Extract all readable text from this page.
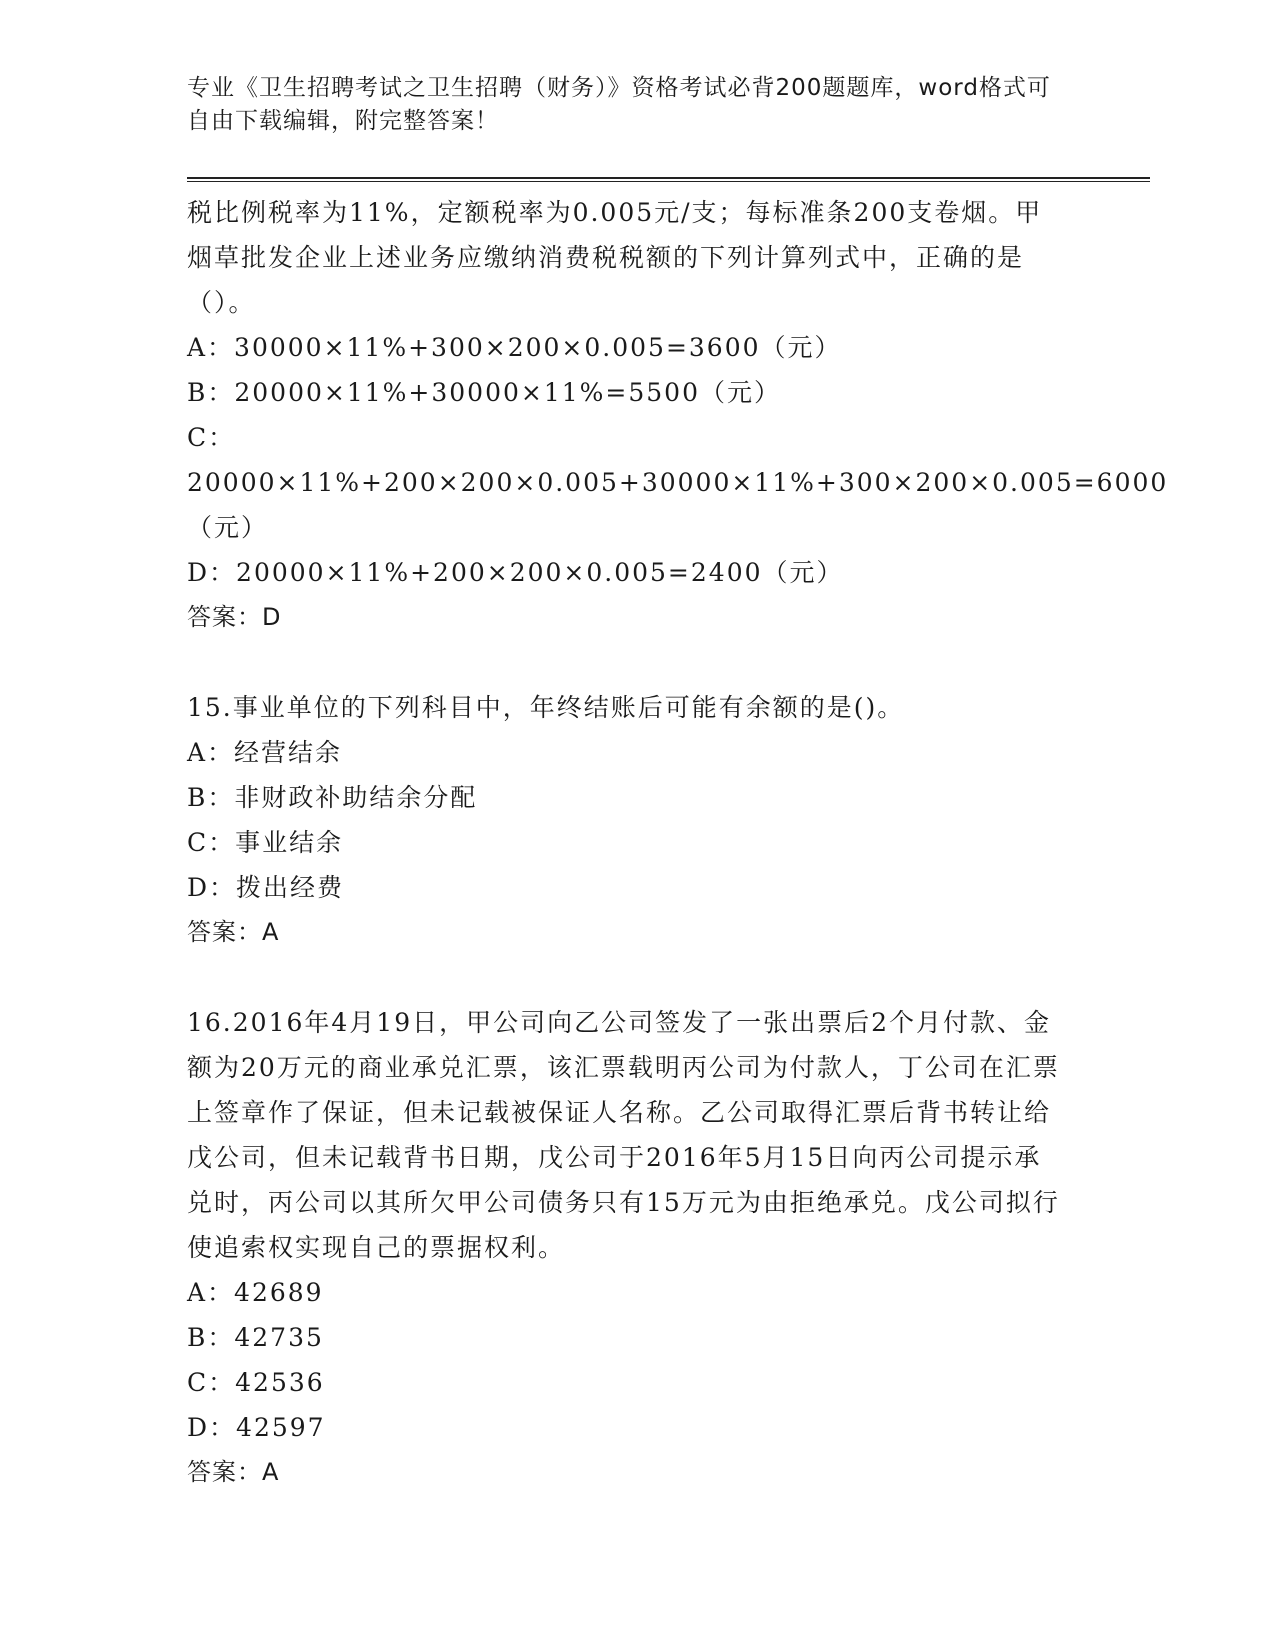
专业《卫生招聘考试之卫生招聘（财务）》资格考试必背200题题库，word格式可自由下载编辑，附完整答案！

税比例税率为11%，定额税率为0.005元/支；每标准条200支卷烟。甲烟草批发企业上述业务应缴纳消费税税额的下列计算列式中，正确的是（）。

A：30000×11%+300×200×0.005=3600（元）

B：20000×11%+30000×11%=5500（元）

C：20000×11%+200×200×0.005+30000×11%+300×200×0.005=6000（元）

D：20000×11%+200×200×0.005=2400（元）

答案：D

15.事业单位的下列科目中，年终结账后可能有余额的是()。

A：经营结余

B：非财政补助结余分配

C：事业结余

D：拨出经费

答案：A

16.2016年4月19日，甲公司向乙公司签发了一张出票后2个月付款、金额为20万元的商业承兑汇票，该汇票载明丙公司为付款人，丁公司在汇票上签章作了保证，但未记载被保证人名称。乙公司取得汇票后背书转让给戊公司，但未记载背书日期，戊公司于2016年5月15日向丙公司提示承兑时，丙公司以其所欠甲公司债务只有15万元为由拒绝承兑。戊公司拟行使追索权实现自己的票据权利。

A：42689

B：42735

C：42536

D：42597

答案：A
